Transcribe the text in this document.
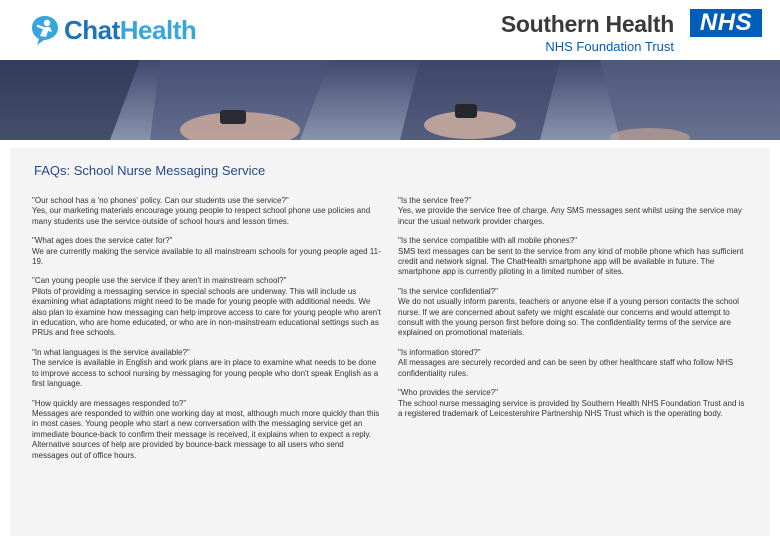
Chat Health	Southern Health
NHS Foundation Trust
NHS
FAQs: School Nurse Messaging Service
"Our school has a 'no phones' policy. Can our students use the service?"
Yes, our marketing materials encourage young people to respect school phone use policies and many students use the service outside of school hours and lesson times.
"What ages does the service cater for?"
We are currently making the service available to all mainstream schools for young people aged 11-19.
"Can young people use the service if they aren't in mainstream school?"
Pilots of providing a messaging service in special schools are underway. This will include us examining what adaptations might need to be made for young people with additional needs. We also plan to examine how messaging can help improve access to care for young people who aren't in education, who are home educated, or who are in non-mainstream educational settings such as PRUs and free schools.
"In what languages is the service available?"
The service is available in English and work plans are in place to examine what needs to be done to improve access to school nursing by messaging for young people who don't speak English as a first language.
"How quickly are messages responded to?"
Messages are responded to within one working day at most, although much more quickly than this in most cases. Young people who start a new conversation with the messaging service get an immediate bounce-back to confirm their message is received, it explains when to expect a reply. Alternative sources of help are provided by bounce-back message to all users who send messages out of office hours.
"Is the service free?"
Yes, we provide the service free of charge. Any SMS messages sent whilst using the service may incur the usual network provider charges.
"Is the service compatible with all mobile phones?"
SMS text messages can be sent to the service from any kind of mobile phone which has sufficient credit and network signal. The ChatHealth smartphone app will be available in future. The smartphone app is currently piloting in a limited number of sites.
"Is the service confidential?"
We do not usually inform parents, teachers or anyone else if a young person contacts the school nurse. If we are concerned about safety we might escalate our concerns and would attempt to consult with the young person first before doing so. The confidentiality terms of the service are explained on promotional materials.
"Is information stored?"
All messages are securely recorded and can be seen by other healthcare staff who follow NHS confidentiality rules.
"Who provides the service?"
The school nurse messaging service is provided by Southern Health NHS Foundation Trust and is a registered trademark of Leicestershire Partnership NHS Trust which is the operating body.
